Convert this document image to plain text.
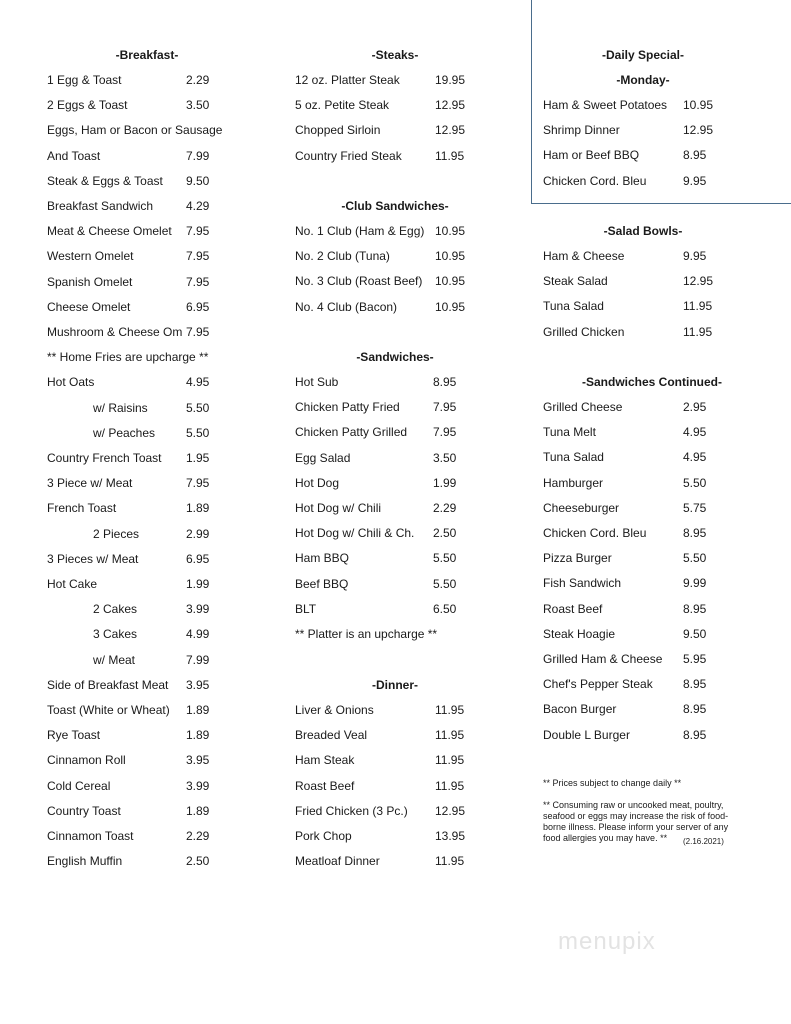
-Breakfast-
1 Egg & Toast	2.29
2 Eggs & Toast	3.50
Eggs, Ham or Bacon or Sausage
And Toast	7.99
Steak & Eggs & Toast 9.50
Breakfast Sandwich	4.29
Meat & Cheese Omelet 7.95
Western Omelet	7.95
Spanish Omelet	7.95
Cheese Omelet	6.95
Mushroom & Cheese Om 7.95
** Home Fries are upcharge **
Hot Oats	4.95
w/ Raisins	5.50
w/ Peaches	5.50
Country French Toast 1.95
3 Piece w/ Meat	7.95
French Toast	1.89
2 Pieces	2.99
3 Pieces w/ Meat	6.95
Hot Cake	1.99
2 Cakes	3.99
3 Cakes	4.99
w/ Meat	7.99
Side of Breakfast Meat 3.95
Toast (White or Wheat) 1.89
Rye Toast	1.89
Cinnamon Roll	3.95
Cold Cereal	3.99
Country Toast	1.89
Cinnamon Toast	2.29
English Muffin	2.50
-Steaks-
12 oz. Platter Steak	19.95
5 oz. Petite Steak	12.95
Chopped Sirloin	12.95
Country Fried Steak	11.95
-Club Sandwiches-
No. 1 Club (Ham & Egg) 10.95
No. 2 Club (Tuna)	10.95
No. 3 Club (Roast Beef) 10.95
No. 4 Club (Bacon)	10.95
-Sandwiches-
Hot Sub	8.95
Chicken Patty Fried	7.95
Chicken Patty Grilled 7.95
Egg Salad	3.50
Hot Dog	1.99
Hot Dog w/ Chili	2.29
Hot Dog w/ Chili & Ch. 2.50
Ham BBQ	5.50
Beef BBQ	5.50
BLT	6.50
** Platter is an upcharge **
-Dinner-
Liver & Onions	11.95
Breaded Veal	11.95
Ham Steak	11.95
Roast Beef	11.95
Fried Chicken (3 Pc.) 12.95
Pork Chop	13.95
Meatloaf Dinner	11.95
-Daily Special-
-Monday-
Ham & Sweet Potatoes 10.95
Shrimp Dinner	12.95
Ham or Beef BBQ	8.95
Chicken Cord. Bleu	9.95
-Salad Bowls-
Ham & Cheese	9.95
Steak Salad	12.95
Tuna Salad	11.95
Grilled Chicken	11.95
-Sandwiches Continued-
Grilled Cheese	2.95
Tuna Melt	4.95
Tuna Salad	4.95
Hamburger	5.50
Cheeseburger	5.75
Chicken Cord. Bleu	8.95
Pizza Burger	5.50
Fish Sandwich	9.99
Roast Beef	8.95
Steak Hoagie	9.50
Grilled Ham & Cheese 5.95
Chef's Pepper Steak	8.95
Bacon Burger	8.95
Double L Burger	8.95
** Prices subject to change daily **
** Consuming raw or uncooked meat, poultry, seafood or eggs may increase the risk of food-borne illness. Please inform your server of any food allergies you may have. **	(2.16.2021)
menupix
